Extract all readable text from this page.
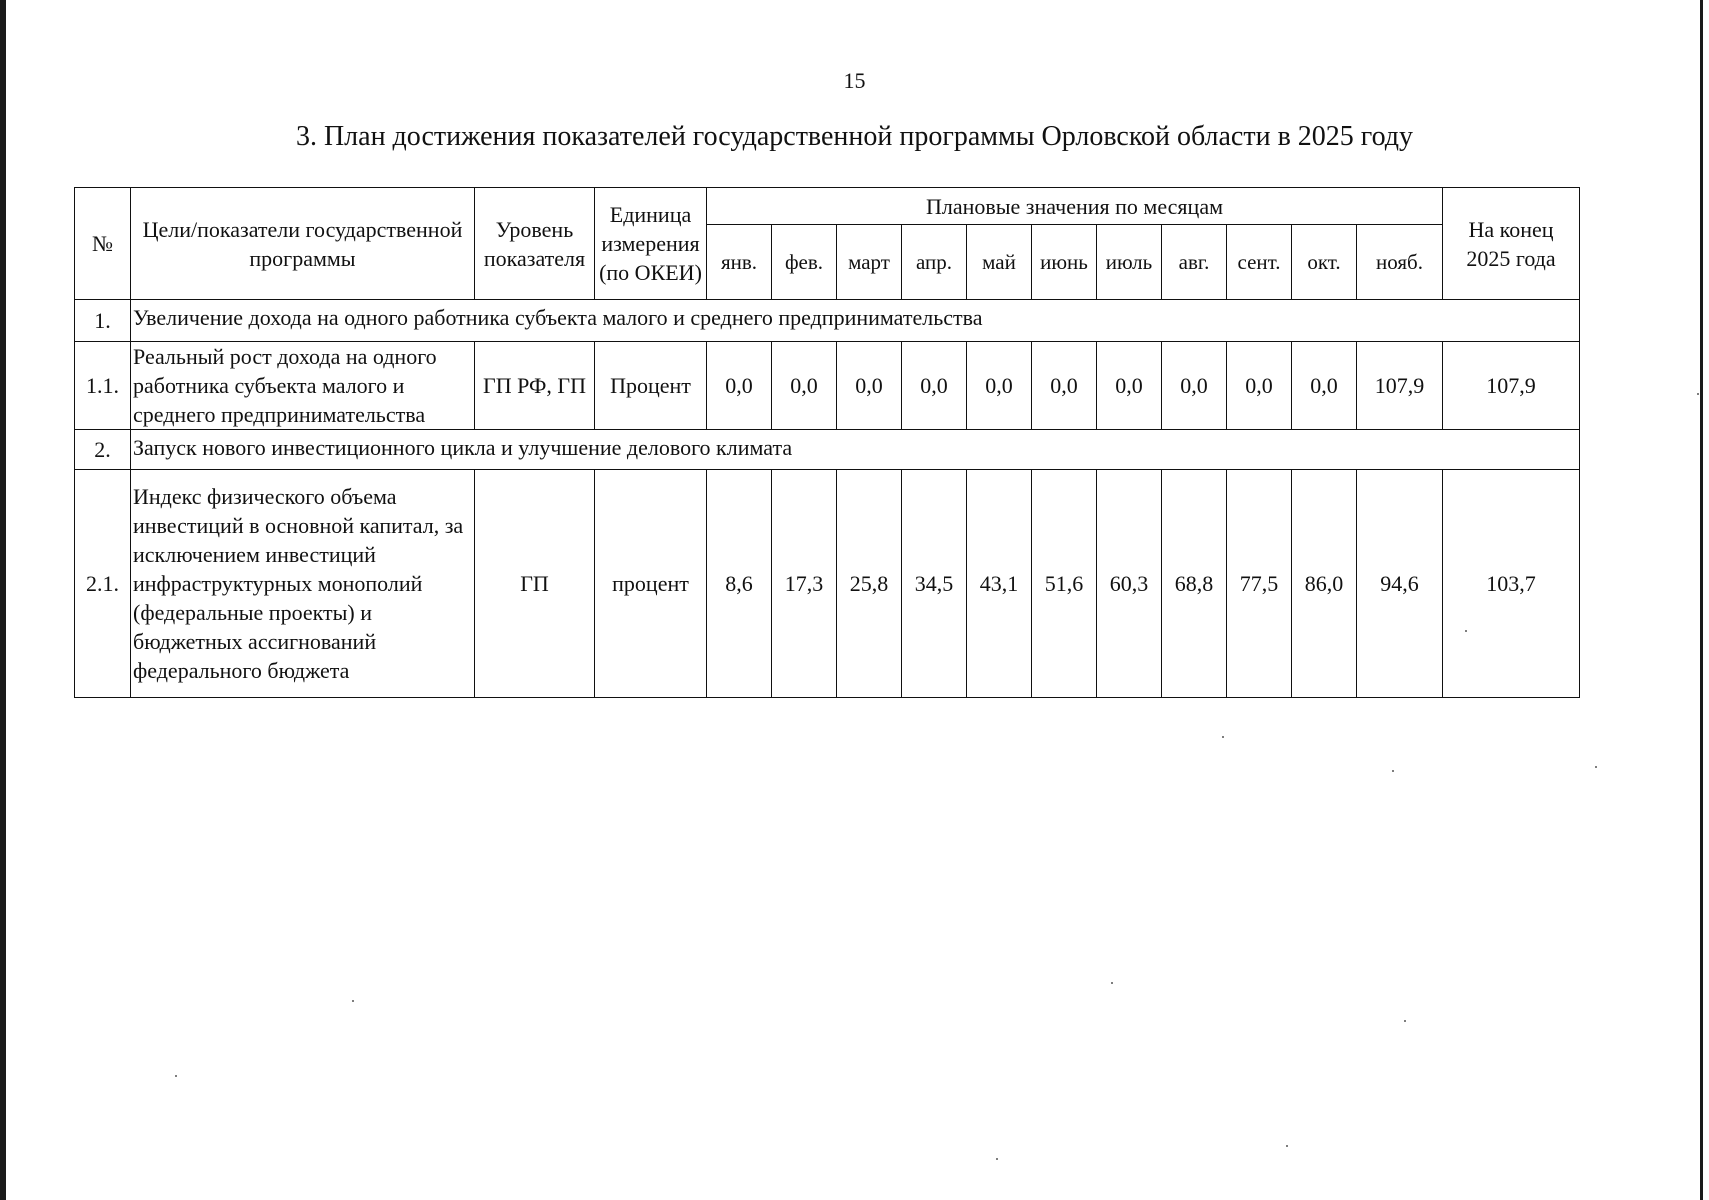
15
3. План достижения показателей государственной программы Орловской области в 2025 году
№	Цели/показатели государственной программы	Уровень показателя	Единица измерения (по ОКЕИ)	Плановые значения по месяцам											На конец 2025 года
				янв.	фев.	март	апр.	май	июнь	июль	авг.	сент.	окт.	нояб.	
1.	Увеличение дохода на одного работника субъекта малого и среднего предпринимательства														
1.1.	Реальный рост дохода на одного работника субъекта малого и среднего предпринимательства	ГП РФ, ГП	Процент	0,0	0,0	0,0	0,0	0,0	0,0	0,0	0,0	0,0	0,0	107,9	107,9
2.	Запуск нового инвестиционного цикла и улучшение делового климата														
2.1.	Индекс физического объема инвестиций в основной капитал, за исключением инвестиций инфраструктурных монополий (федеральные проекты) и бюджетных ассигнований федерального бюджета	ГП	процент	8,6	17,3	25,8	34,5	43,1	51,6	60,3	68,8	77,5	86,0	94,6	103,7
